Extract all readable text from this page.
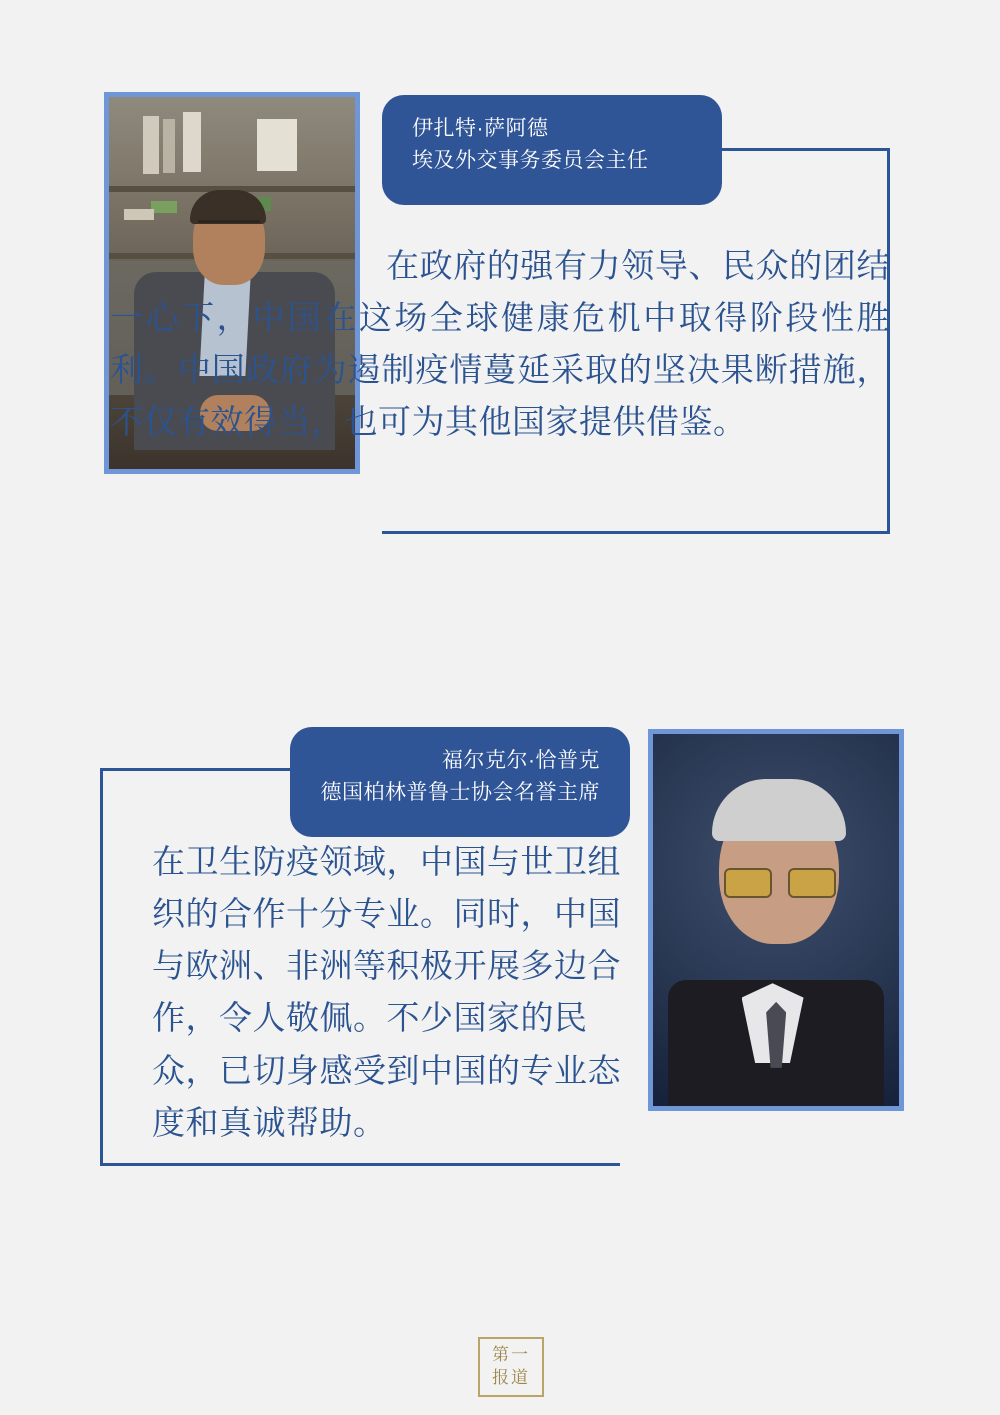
伊扎特·萨阿德
埃及外交事务委员会主任
在政府的强有力领导、民众的团结一心下，中国在这场全球健康危机中取得阶段性胜利。中国政府为遏制疫情蔓延采取的坚决果断措施，不仅有效得当，也可为其他国家提供借鉴。
福尔克尔·恰普克
德国柏林普鲁士协会名誉主席
在卫生防疫领域，中国与世卫组织的合作十分专业。同时，中国与欧洲、非洲等积极开展多边合作，令人敬佩。不少国家的民众，已切身感受到中国的专业态度和真诚帮助。
第一
报道
